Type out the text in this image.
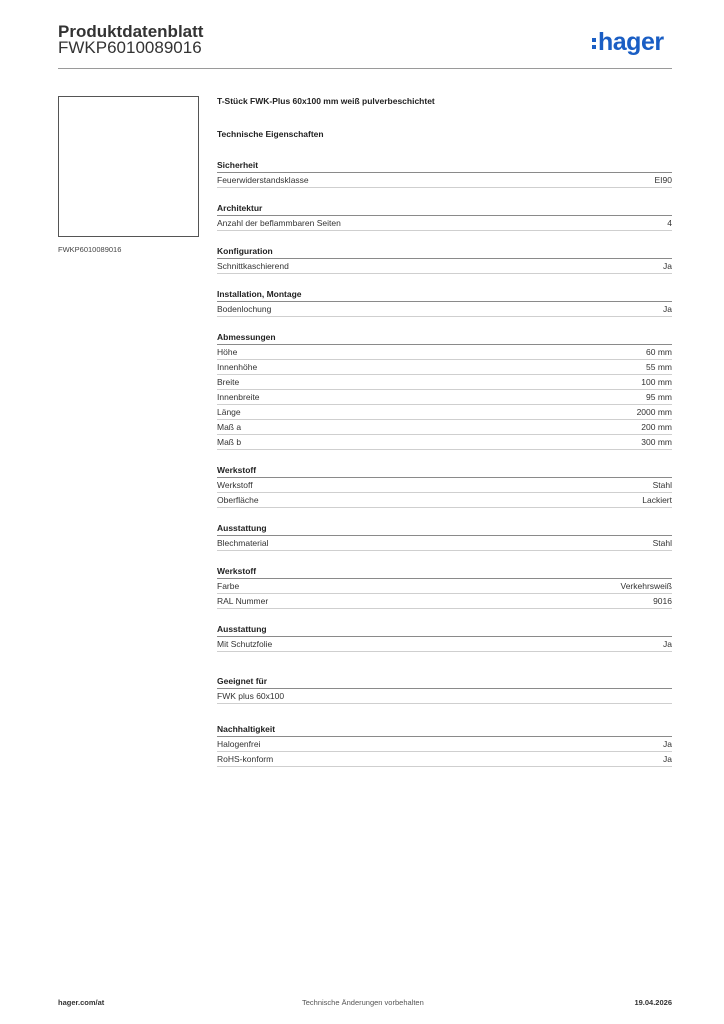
Produktdatenblatt
FWKP6010089016	hager
FWKP6010089016
T-Stück FWK-Plus 60x100 mm weiß pulverbeschichtet
Technische Eigenschaften
Sicherheit
Feuerwiderstandsklasse	EI90
Architektur
Anzahl der beflammbaren Seiten	4
Konfiguration
Schnittkaschierend	Ja
Installation, Montage
Bodenlochung	Ja
Abmessungen
Höhe	60 mm
Innenhöhe	55 mm
Breite	100 mm
Innenbreite	95 mm
Länge	2000 mm
Maß a	200 mm
Maß b	300 mm
Werkstoff
Werkstoff	Stahl
Oberfläche	Lackiert
Ausstattung
Blechmaterial	Stahl
Werkstoff
Farbe	Verkehrsweiß
RAL Nummer	9016
Ausstattung
Mit Schutzfolie	Ja
Geeignet für
FWK plus 60x100
Nachhaltigkeit
Halogenfrei	Ja
RoHS-konform	Ja
hager.com/at	Technische Änderungen vorbehalten	19.04.2026
